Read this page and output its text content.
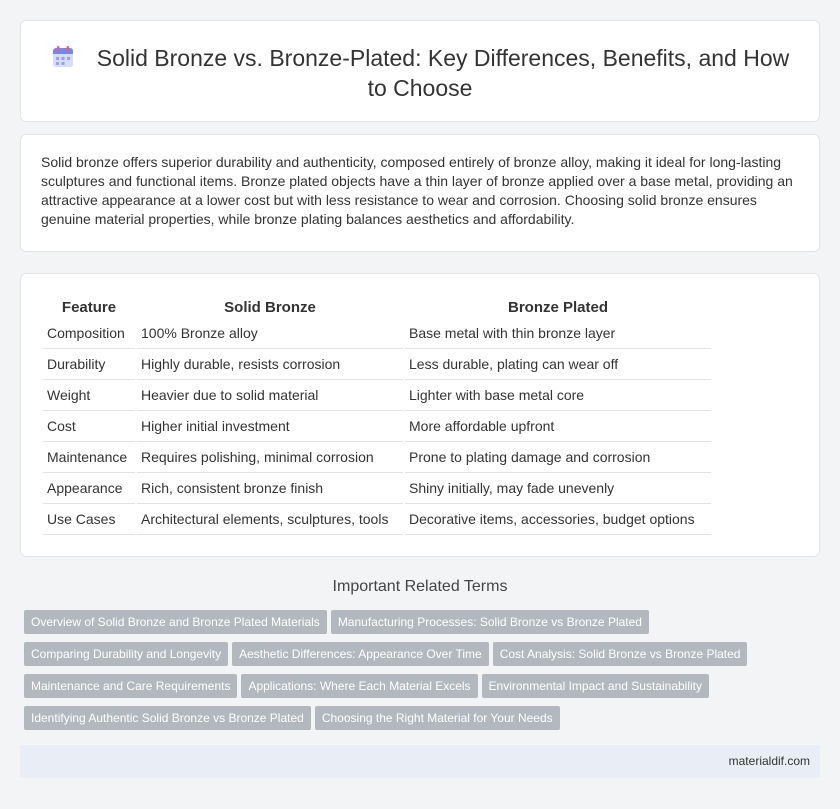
Solid Bronze vs. Bronze-Plated: Key Differences, Benefits, and How to Choose

Solid bronze offers superior durability and authenticity, composed entirely of bronze alloy, making it ideal for long-lasting sculptures and functional items. Bronze plated objects have a thin layer of bronze applied over a base metal, providing an attractive appearance at a lower cost but with less resistance to wear and corrosion. Choosing solid bronze ensures genuine material properties, while bronze plating balances aesthetics and affordability.

Feature	Solid Bronze	Bronze Plated
Composition	100% Bronze alloy	Base metal with thin bronze layer
Durability	Highly durable, resists corrosion	Less durable, plating can wear off
Weight	Heavier due to solid material	Lighter with base metal core
Cost	Higher initial investment	More affordable upfront
Maintenance	Requires polishing, minimal corrosion	Prone to plating damage and corrosion
Appearance	Rich, consistent bronze finish	Shiny initially, may fade unevenly
Use Cases	Architectural elements, sculptures, tools	Decorative items, accessories, budget options
Important Related Terms
Overview of Solid Bronze and Bronze Plated Materials Manufacturing Processes: Solid Bronze vs Bronze Plated
Comparing Durability and Longevity Aesthetic Differences: Appearance Over Time Cost Analysis: Solid Bronze vs Bronze Plated
Maintenance and Care Requirements Applications: Where Each Material Excels Environmental Impact and Sustainability
Identifying Authentic Solid Bronze vs Bronze Plated Choosing the Right Material for Your Needs
materialdif.com
